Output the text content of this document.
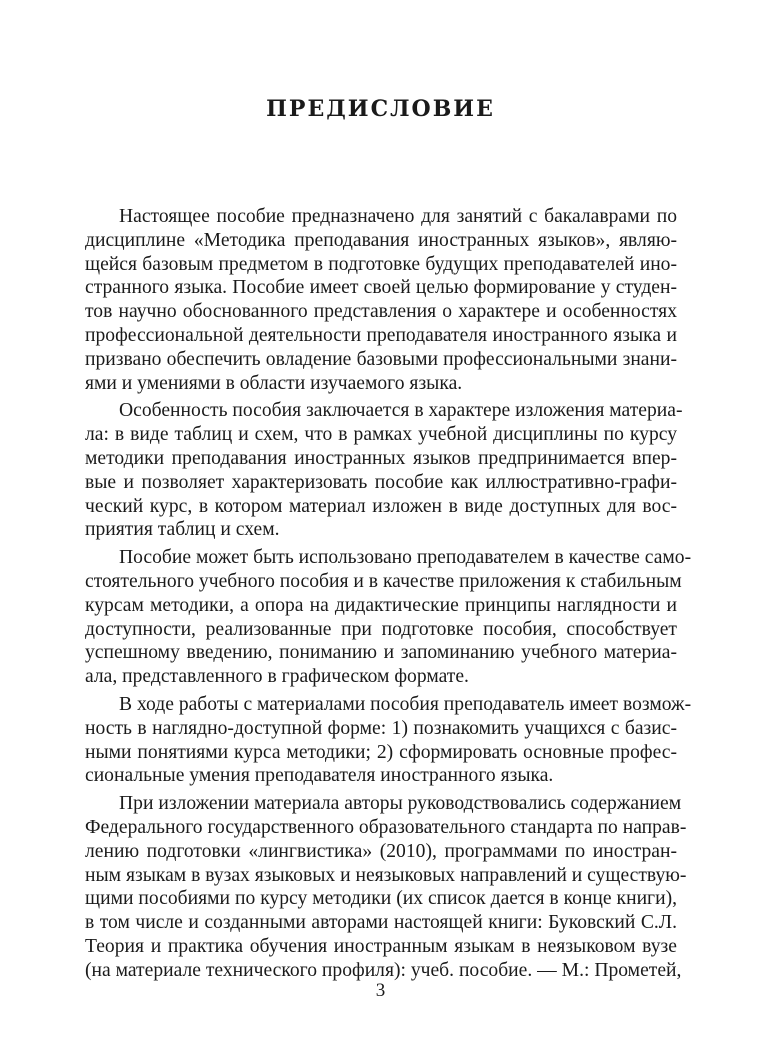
ПРЕДИСЛОВИЕ

Настоящее пособие предназначено для занятий с бакалаврами по
дисциплине «Методика преподавания иностранных языков», являю-
щейся базовым предметом в подготовке будущих преподавателей ино-
странного языка. Пособие имеет своей целью формирование у студен-
тов научно обоснованного представления о характере и особенностях
профессиональной деятельности преподавателя иностранного языка и
призвано обеспечить овладение базовыми профессиональными знани-
ями и умениями в области изучаемого языка.

Особенность пособия заключается в характере изложения материа-
ла: в виде таблиц и схем, что в рамках учебной дисциплины по курсу
методики преподавания иностранных языков предпринимается впер-
вые и позволяет характеризовать пособие как иллюстративно-графи-
ческий курс, в котором материал изложен в виде доступных для вос-
приятия таблиц и схем.

Пособие может быть использовано преподавателем в качестве само-
стоятельного учебного пособия и в качестве приложения к стабильным
курсам методики, а опора на дидактические принципы наглядности и
доступности, реализованные при подготовке пособия, способствует
успешному введению, пониманию и запоминанию учебного материа-
ала, представленного в графическом формате.

В ходе работы с материалами пособия преподаватель имеет возмож-
ность в наглядно-доступной форме: 1) познакомить учащихся с базис-
ными понятиями курса методики; 2) сформировать основные профес-
сиональные умения преподавателя иностранного языка.

При изложении материала авторы руководствовались содержанием
Федерального государственного образовательного стандарта по направ-
лению подготовки «лингвистика» (2010), программами по иностран-
ным языкам в вузах языковых и неязыковых направлений и существую-
щими пособиями по курсу методики (их список дается в конце книги),
в том числе и созданными авторами настоящей книги: Буковский С.Л.
Теория и практика обучения иностранным языкам в неязыковом вузе
(на материале технического профиля): учеб. пособие. — М.: Прометей,

3
